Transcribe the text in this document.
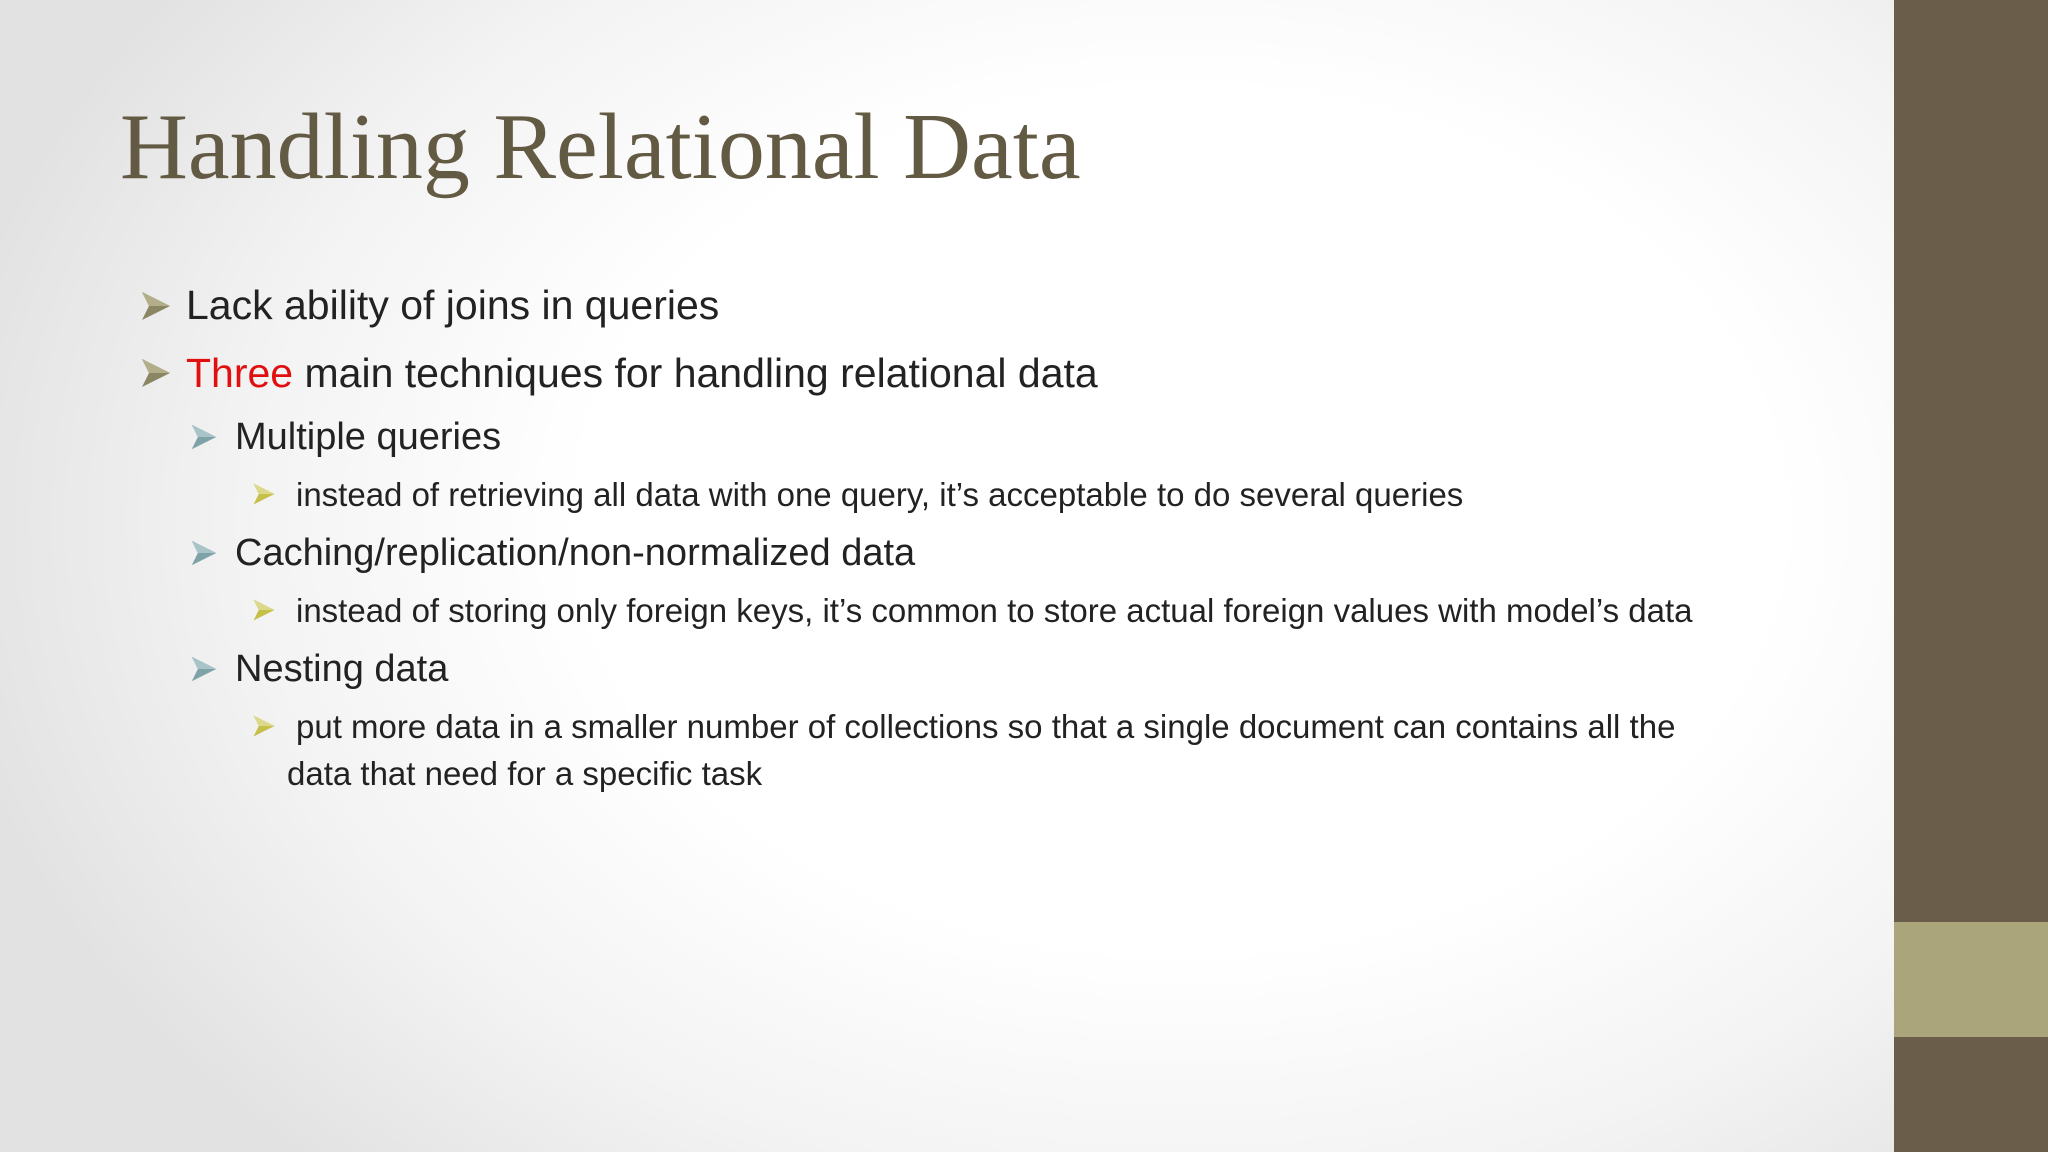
Handling Relational Data
Lack ability of joins in queries
Three main techniques for handling relational data
Multiple queries
instead of retrieving all data with one query, it’s acceptable to do several queries
Caching/replication/non-normalized data
instead of storing only foreign keys, it’s common to store actual foreign values with model’s data
Nesting data
put more data in a smaller number of collections so that a single document can contains all the
data that need for a specific task
